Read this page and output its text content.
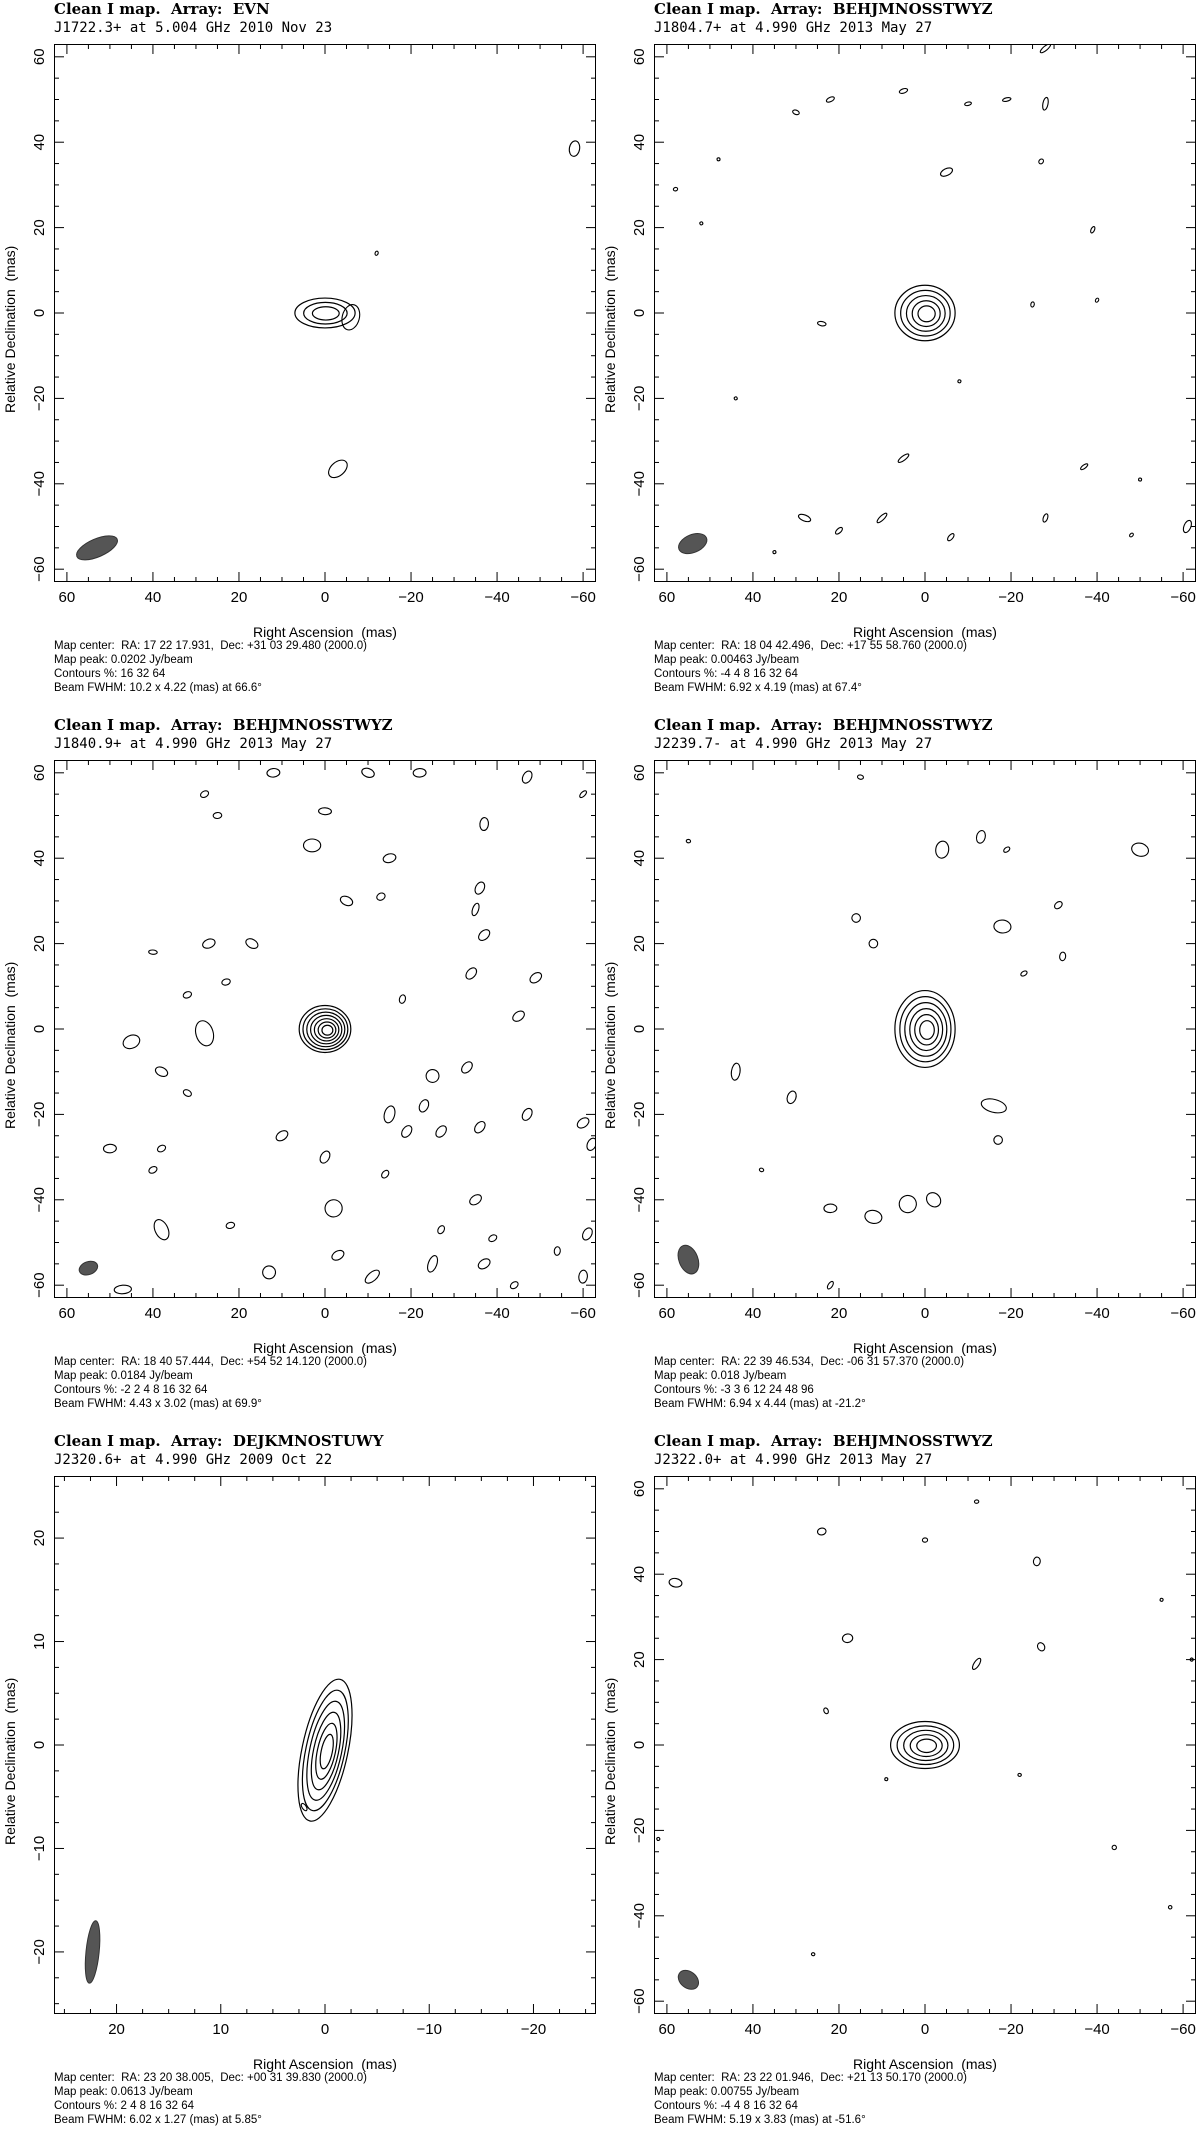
Clean I map.  Array:  EVN
J1722.3+ at 5.004 GHz 2010 Nov 23
Relative Declination  (mas)
Right Ascension  (mas)
Map center:  RA: 17 22 17.931,  Dec: +31 03 29.480 (2000.0)
Map peak: 0.0202 Jy/beam
Contours %: 16 32 64
Beam FWHM: 10.2 x 4.22 (mas) at 66.6°
60	40	20	0	−20	−40	−60
60
40
20
0
−20
−40
−60
Clean I map.  Array:  BEHJMNOSSTWYZ
J1804.7+ at 4.990 GHz 2013 May 27
Relative Declination  (mas)
Right Ascension  (mas)
Map center:  RA: 18 04 42.496,  Dec: +17 55 58.760 (2000.0)
Map peak: 0.00463 Jy/beam
Contours %: -4 4 8 16 32 64
Beam FWHM: 6.92 x 4.19 (mas) at 67.4°
60	40	20	0	−20	−40	−60
60
40
20
0
−20
−40
−60
Clean I map.  Array:  BEHJMNOSSTWYZ
J1840.9+ at 4.990 GHz 2013 May 27
Relative Declination  (mas)
Right Ascension  (mas)
Map center:  RA: 18 40 57.444,  Dec: +54 52 14.120 (2000.0)
Map peak: 0.0184 Jy/beam
Contours %: -2 2 4 8 16 32 64
Beam FWHM: 4.43 x 3.02 (mas) at 69.9°
60	40	20	0	−20	−40	−60
60
40
20
0
−20
−40
−60
Clean I map.  Array:  BEHJMNOSSTWYZ
J2239.7- at 4.990 GHz 2013 May 27
Relative Declination  (mas)
Right Ascension  (mas)
Map center:  RA: 22 39 46.534,  Dec: -06 31 57.370 (2000.0)
Map peak: 0.018 Jy/beam
Contours %: -3 3 6 12 24 48 96
Beam FWHM: 6.94 x 4.44 (mas) at -21.2°
60	40	20	0	−20	−40	−60
60
40
20
0
−20
−40
−60
Clean I map.  Array:  DEJKMNOSTUWY
J2320.6+ at 4.990 GHz 2009 Oct 22
Relative Declination  (mas)
Right Ascension  (mas)
Map center:  RA: 23 20 38.005,  Dec: +00 31 39.830 (2000.0)
Map peak: 0.0613 Jy/beam
Contours %: 2 4 8 16 32 64
Beam FWHM: 6.02 x 1.27 (mas) at 5.85°
20	10	0	−10	−20
20
10
0
−10
−20
Clean I map.  Array:  BEHJMNOSSTWYZ
J2322.0+ at 4.990 GHz 2013 May 27
Relative Declination  (mas)
Right Ascension  (mas)
Map center:  RA: 23 22 01.946,  Dec: +21 13 50.170 (2000.0)
Map peak: 0.00755 Jy/beam
Contours %: -4 4 8 16 32 64
Beam FWHM: 5.19 x 3.83 (mas) at -51.6°
60	40	20	0	−20	−40	−60
60
40
20
0
−20
−40
−60
